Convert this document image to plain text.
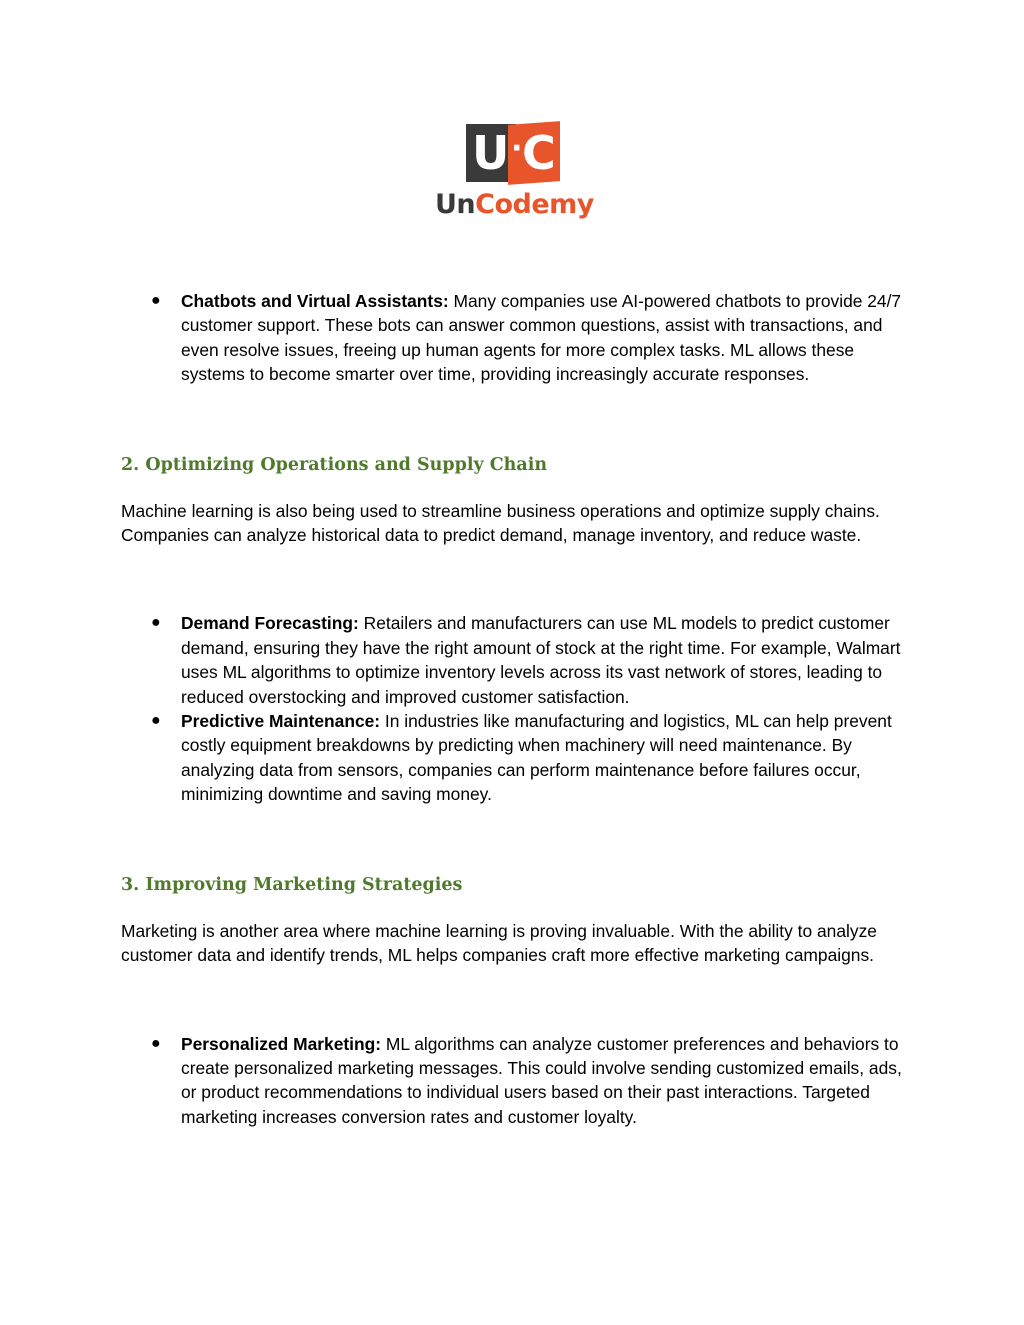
U · C
UnCodemy
● Chatbots and Virtual Assistants: Many companies use AI-powered chatbots to provide 24/7 customer support. These bots can answer common questions, assist with transactions, and even resolve issues, freeing up human agents for more complex tasks. ML allows these systems to become smarter over time, providing increasingly accurate responses.
2. Optimizing Operations and Supply Chain

Machine learning is also being used to streamline business operations and optimize supply chains. Companies can analyze historical data to predict demand, manage inventory, and reduce waste.

● Demand Forecasting: Retailers and manufacturers can use ML models to predict customer demand, ensuring they have the right amount of stock at the right time. For example, Walmart uses ML algorithms to optimize inventory levels across its vast network of stores, leading to reduced overstocking and improved customer satisfaction.
● Predictive Maintenance: In industries like manufacturing and logistics, ML can help prevent costly equipment breakdowns by predicting when machinery will need maintenance. By analyzing data from sensors, companies can perform maintenance before failures occur, minimizing downtime and saving money.
3. Improving Marketing Strategies

Marketing is another area where machine learning is proving invaluable. With the ability to analyze customer data and identify trends, ML helps companies craft more effective marketing campaigns.

● Personalized Marketing: ML algorithms can analyze customer preferences and behaviors to create personalized marketing messages. This could involve sending customized emails, ads, or product recommendations to individual users based on their past interactions. Targeted marketing increases conversion rates and customer loyalty.
